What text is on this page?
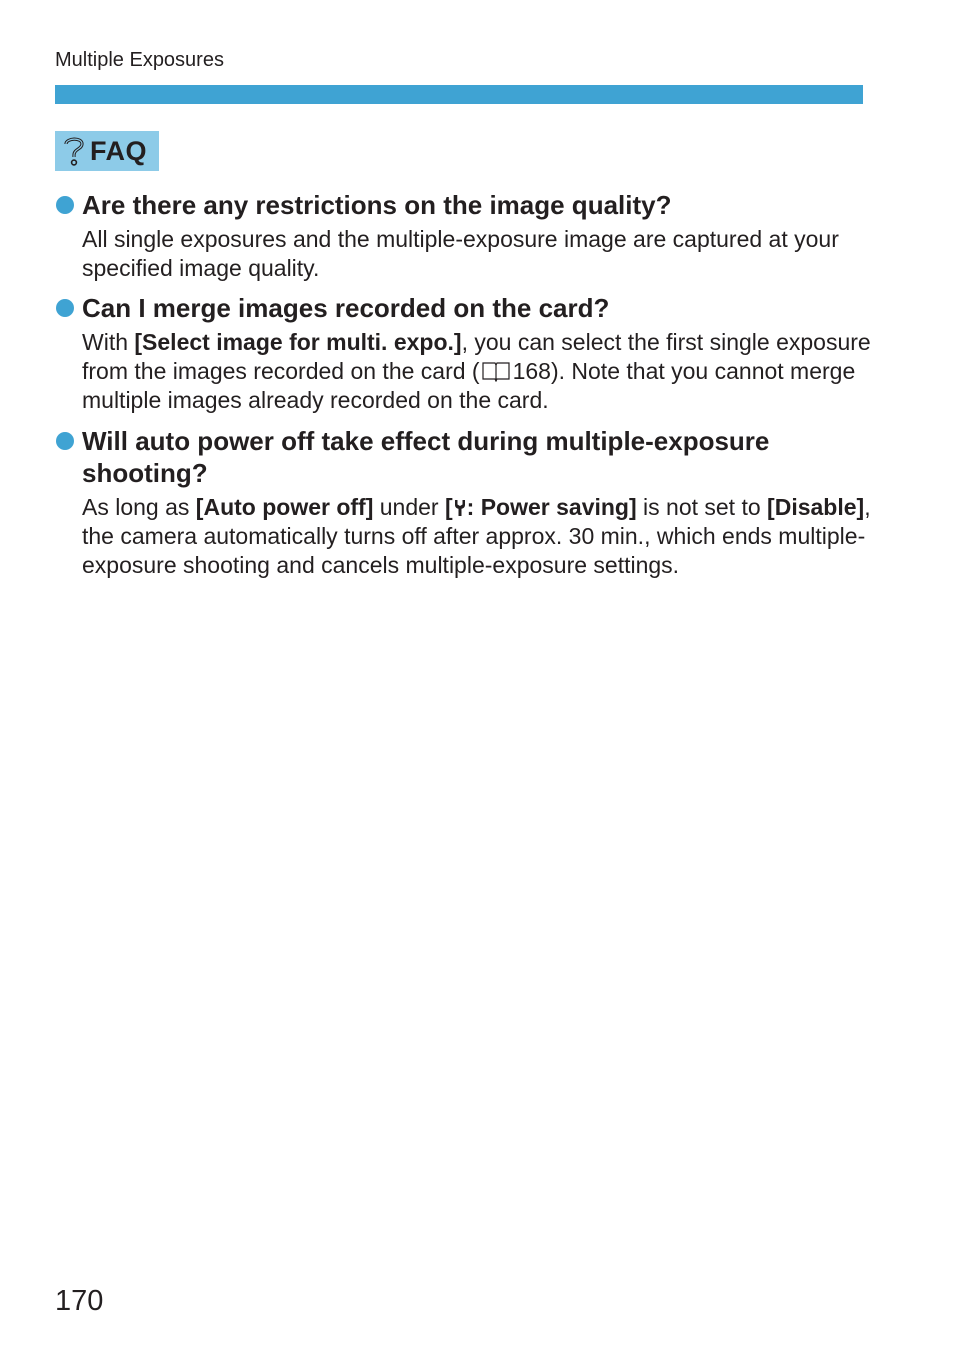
Multiple Exposures
FAQ
Are there any restrictions on the image quality?
All single exposures and the multiple-exposure image are captured at your specified image quality.
Can I merge images recorded on the card?
With [Select image for multi. expo.], you can select the first single exposure from the images recorded on the card ( 168). Note that you cannot merge multiple images already recorded on the card.
Will auto power off take effect during multiple-exposure shooting?
As long as [Auto power off] under [ : Power saving] is not set to [Disable], the camera automatically turns off after approx. 30 min., which ends multiple-exposure shooting and cancels multiple-exposure settings.
170
